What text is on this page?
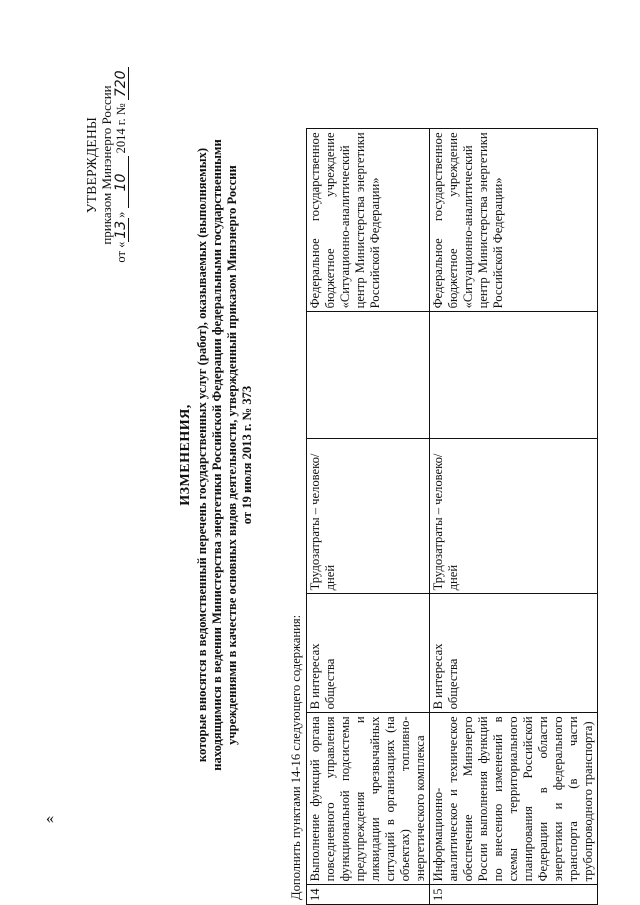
УТВЕРЖДЕНЫ приказом Минэнерго России
от «13» 10 2014 г. № 720
ИЗМЕНЕНИЯ, которые вносятся в ведомственный перечень государственных услуг (работ), оказываемых (выполняемых) находящимися в ведении Министерства энергетики Российской Федерации федеральными государственными учреждениями в качестве основных видов деятельности, утвержденный приказом Минэнерго России от 19 июля 2013 г. № 373
Дополнить пунктами 14-16 следующего содержания: 14	Выполнение функций органа повседневного управления функциональной подсистемы предупреждения и ликвидации чрезвычайных ситуаций в организациях (на объектах) топливно-энергетического комплекса	В интересах общества	Трудозатраты – человеко/дней		Федеральное государственное бюджетное учреждение «Ситуационно-аналитический центр Министерства энергетики Российской Федерации»
15	Информационно-аналитическое и техническое обеспечение Минэнерго России выполнения функций по внесению изменений в схемы территориального планирования Российской Федерации в области энергетики и федерального транспорта (в части трубопроводного транспорта)	В интересах общества	Трудозатраты – человеко/дней		Федеральное государственное бюджетное учреждение «Ситуационно-аналитический центр Министерства энергетики Российской Федерации»
«
